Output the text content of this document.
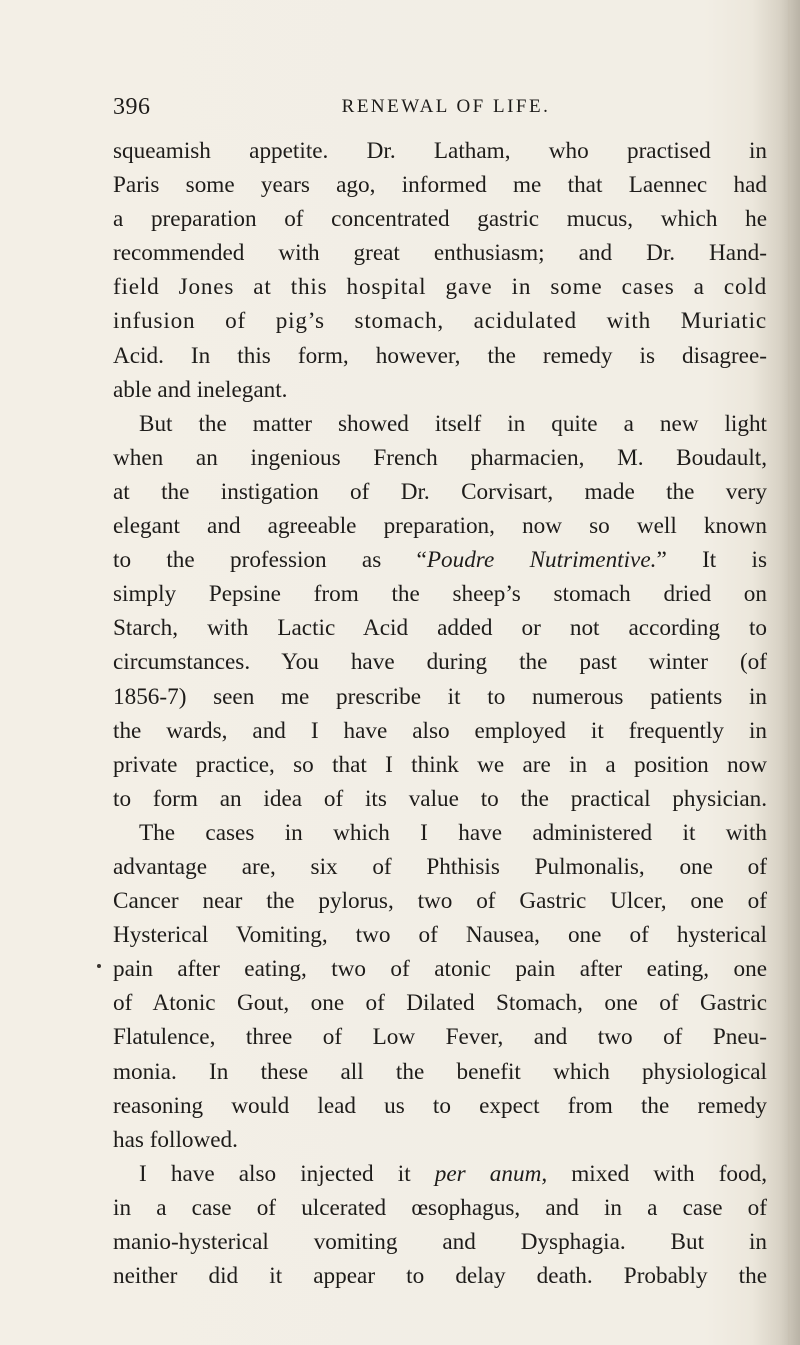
396	RENEWAL OF LIFE.
squeamish appetite. Dr. Latham, who practised in
Paris some years ago, informed me that Laennec had
a preparation of concentrated gastric mucus, which he
recommended with great enthusiasm; and Dr. Hand-
field Jones at this hospital gave in some cases a cold
infusion of pig’s stomach, acidulated with Muriatic
Acid. In this form, however, the remedy is disagree-
able and inelegant.
But the matter showed itself in quite a new light
when an ingenious French pharmacien, M. Boudault,
at the instigation of Dr. Corvisart, made the very
elegant and agreeable preparation, now so well known
to the profession as “Poudre Nutrimentive.” It is
simply Pepsine from the sheep’s stomach dried on
Starch, with Lactic Acid added or not according to
circumstances. You have during the past winter (of
1856-7) seen me prescribe it to numerous patients in
the wards, and I have also employed it frequently in
private practice, so that I think we are in a position now
to form an idea of its value to the practical physician.
The cases in which I have administered it with
advantage are, six of Phthisis Pulmonalis, one of
Cancer near the pylorus, two of Gastric Ulcer, one of
Hysterical Vomiting, two of Nausea, one of hysterical
pain after eating, two of atonic pain after eating, one
of Atonic Gout, one of Dilated Stomach, one of Gastric
Flatulence, three of Low Fever, and two of Pneu-
monia. In these all the benefit which physiological
reasoning would lead us to expect from the remedy
has followed.
I have also injected it per anum, mixed with food,
in a case of ulcerated œsophagus, and in a case of
manio-hysterical vomiting and Dysphagia. But in
neither did it appear to delay death. Probably the
